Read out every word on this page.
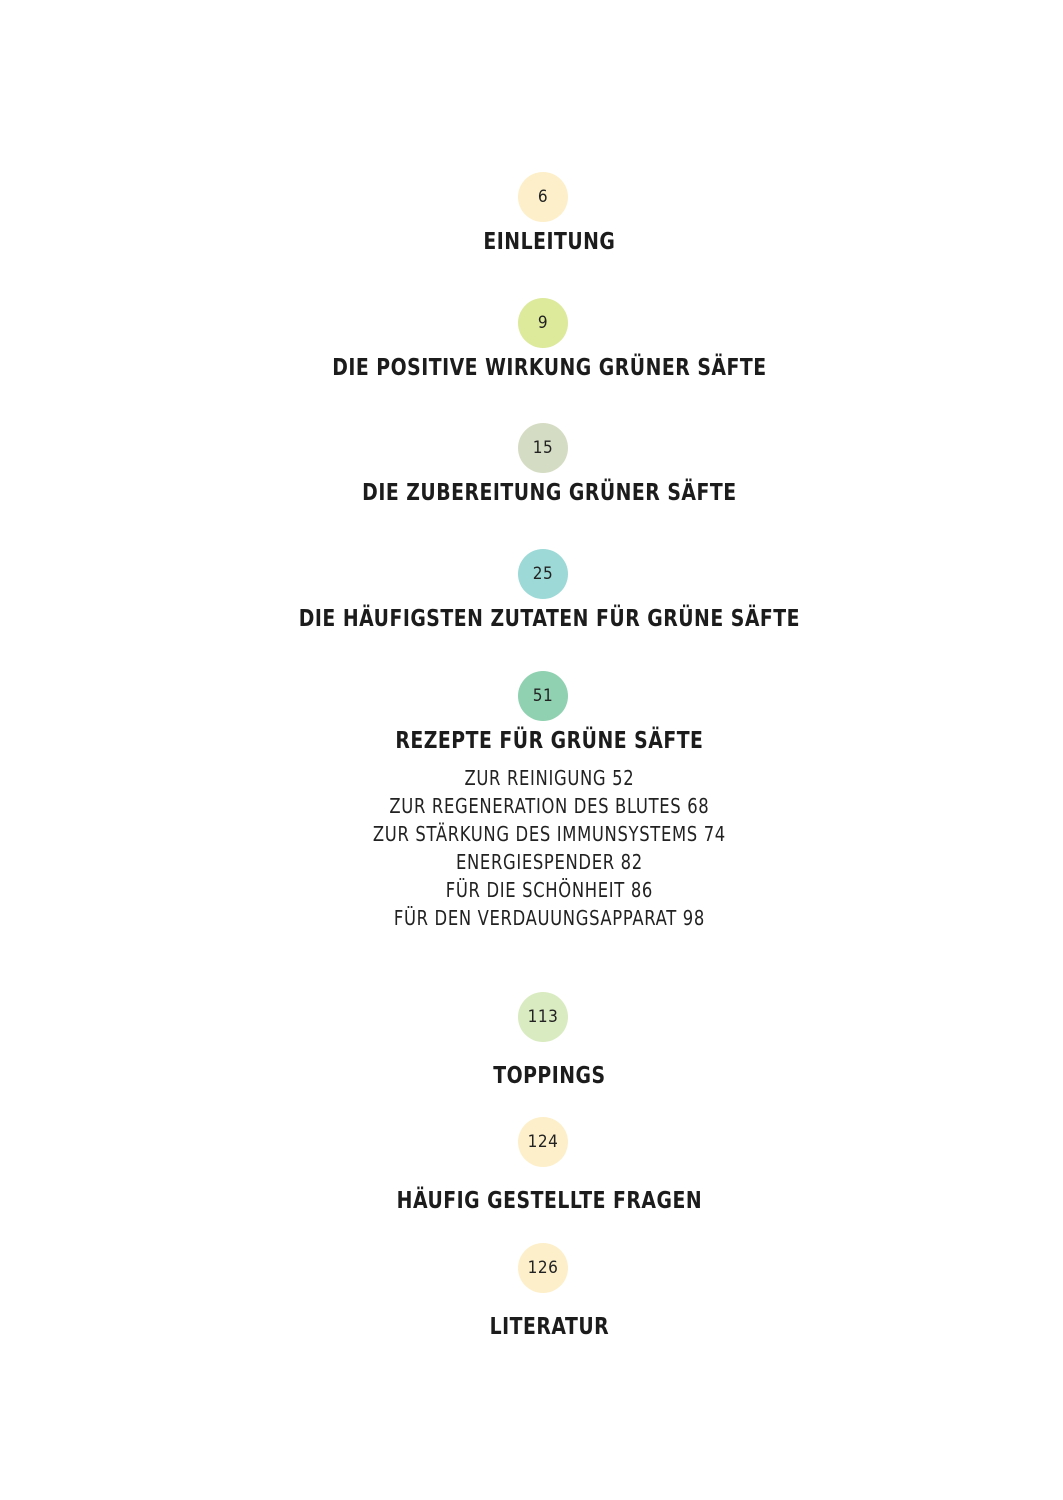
6
EINLEITUNG
9
DIE POSITIVE WIRKUNG GRÜNER SÄFTE
15
DIE ZUBEREITUNG GRÜNER SÄFTE
25
DIE HÄUFIGSTEN ZUTATEN FÜR GRÜNE SÄFTE
51
REZEPTE FÜR GRÜNE SÄFTE
ZUR REINIGUNG 52
ZUR REGENERATION DES BLUTES 68
ZUR STÄRKUNG DES IMMUNSYSTEMS 74
ENERGIESPENDER 82
FÜR DIE SCHÖNHEIT 86
FÜR DEN VERDAUUNGSAPPARAT 98
113
TOPPINGS
124
HÄUFIG GESTELLTE FRAGEN
126
LITERATUR
